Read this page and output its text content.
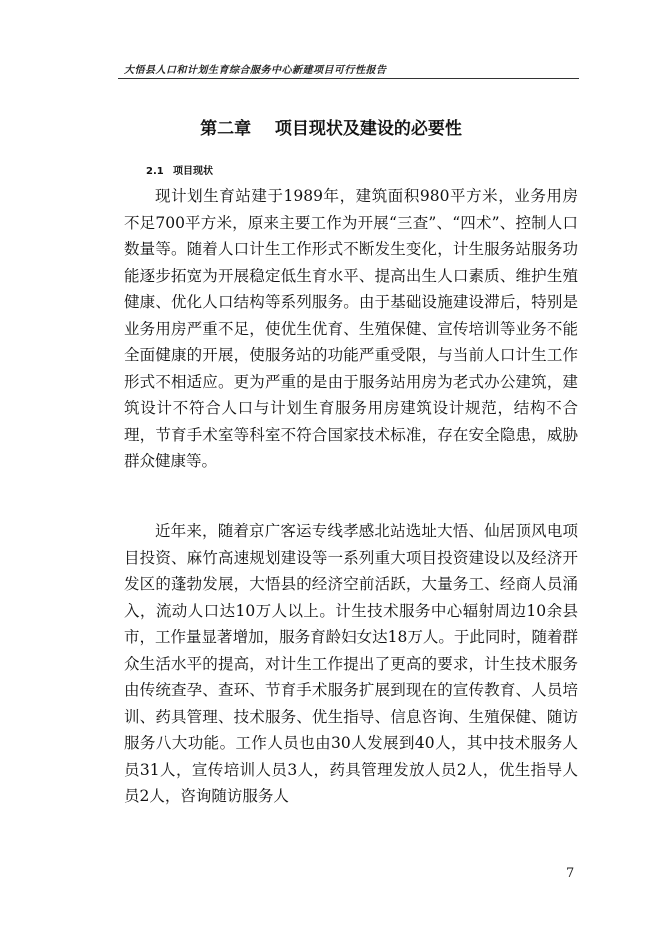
大悟县人口和计划生育综合服务中心新建项目可行性报告
第二章    项目现状及建设的必要性
2.1 项目现状

现计划生育站建于1989年，建筑面积980平方米，业务用房不足700平方米，原来主要工作为开展“三查”、“四术”、控制人口数量等。随着人口计生工作形式不断发生变化，计生服务站服务功能逐步拓宽为开展稳定低生育水平、提高出生人口素质、维护生殖健康、优化人口结构等系列服务。由于基础设施建设滞后，特别是业务用房严重不足，使优生优育、生殖保健、宣传培训等业务不能全面健康的开展，使服务站的功能严重受限，与当前人口计生工作形式不相适应。更为严重的是由于服务站用房为老式办公建筑，建筑设计不符合人口与计划生育服务用房建筑设计规范，结构不合理，节育手术室等科室不符合国家技术标准，存在安全隐患，威胁群众健康等。

近年来，随着京广客运专线孝感北站选址大悟、仙居顶风电项目投资、麻竹高速规划建设等一系列重大项目投资建设以及经济开发区的蓬勃发展，大悟县的经济空前活跃，大量务工、经商人员涌入，流动人口达10万人以上。计生技术服务中心辐射周边10余县市，工作量显著增加，服务育龄妇女达18万人。于此同时，随着群众生活水平的提高，对计生工作提出了更高的要求，计生技术服务由传统查孕、查环、节育手术服务扩展到现在的宣传教育、人员培训、药具管理、技术服务、优生指导、信息咨询、生殖保健、随访服务八大功能。工作人员也由30人发展到40人，其中技术服务人员31人，宣传培训人员3人，药具管理发放人员2人，优生指导人员2人，咨询随访服务人

7
